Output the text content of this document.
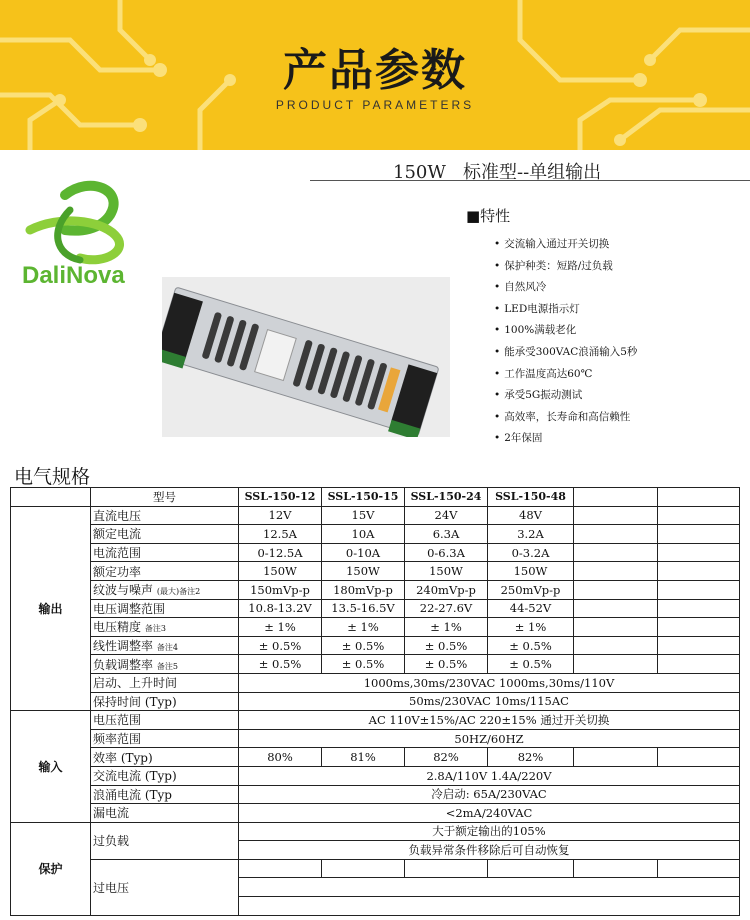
产品参数
PRODUCT PARAMETERS
150W   标准型--单组输出
DaliNova
■特性
• 交流输入通过开关切换
• 保护种类：短路/过负载
• 自然风冷
• LED电源指示灯
• 100%满载老化
• 能承受300VAC浪涌输入5秒
• 工作温度高达60℃
• 承受5G振动测试
• 高效率，长寿命和高信赖性
• 2年保固
电气规格
	型号	SSL-150-12	SSL-150-15	SSL-150-24	SSL-150-48		
输出	直流电压	12V	15V	24V	48V		
	额定电流	12.5A	10A	6.3A	3.2A		
	电流范围	0-12.5A	0-10A	0-6.3A	0-3.2A		
	额定功率	150W	150W	150W	150W		
	纹波与噪声 (最大)备注2	150mVp-p	180mVp-p	240mVp-p	250mVp-p		
	电压调整范围	10.8-13.2V	13.5-16.5V	22-27.6V	44-52V		
	电压精度 备注3	± 1%	± 1%	± 1%	± 1%		
	线性调整率 备注4	± 0.5%	± 0.5%	± 0.5%	± 0.5%		
	负载调整率 备注5	± 0.5%	± 0.5%	± 0.5%	± 0.5%		
	启动、上升时间	1000ms,30ms/230VAC 1000ms,30ms/110V					
	保持时间 (Typ)	50ms/230VAC 10ms/115AC					
输入	电压范围	AC 110V±15%/AC 220±15% 通过开关切换					
	频率范围	50HZ/60HZ					
	效率 (Typ)	80%	81%	82%	82%		
	交流电流 (Typ)	2.8A/110V 1.4A/220V					
	浪涌电流 (Typ	冷启动: 65A/230VAC					
	漏电流	<2mA/240VAC					
保护	过负载	大于额定输出的105%					
		负载异常条件移除后可自动恢复					
	过电压						
